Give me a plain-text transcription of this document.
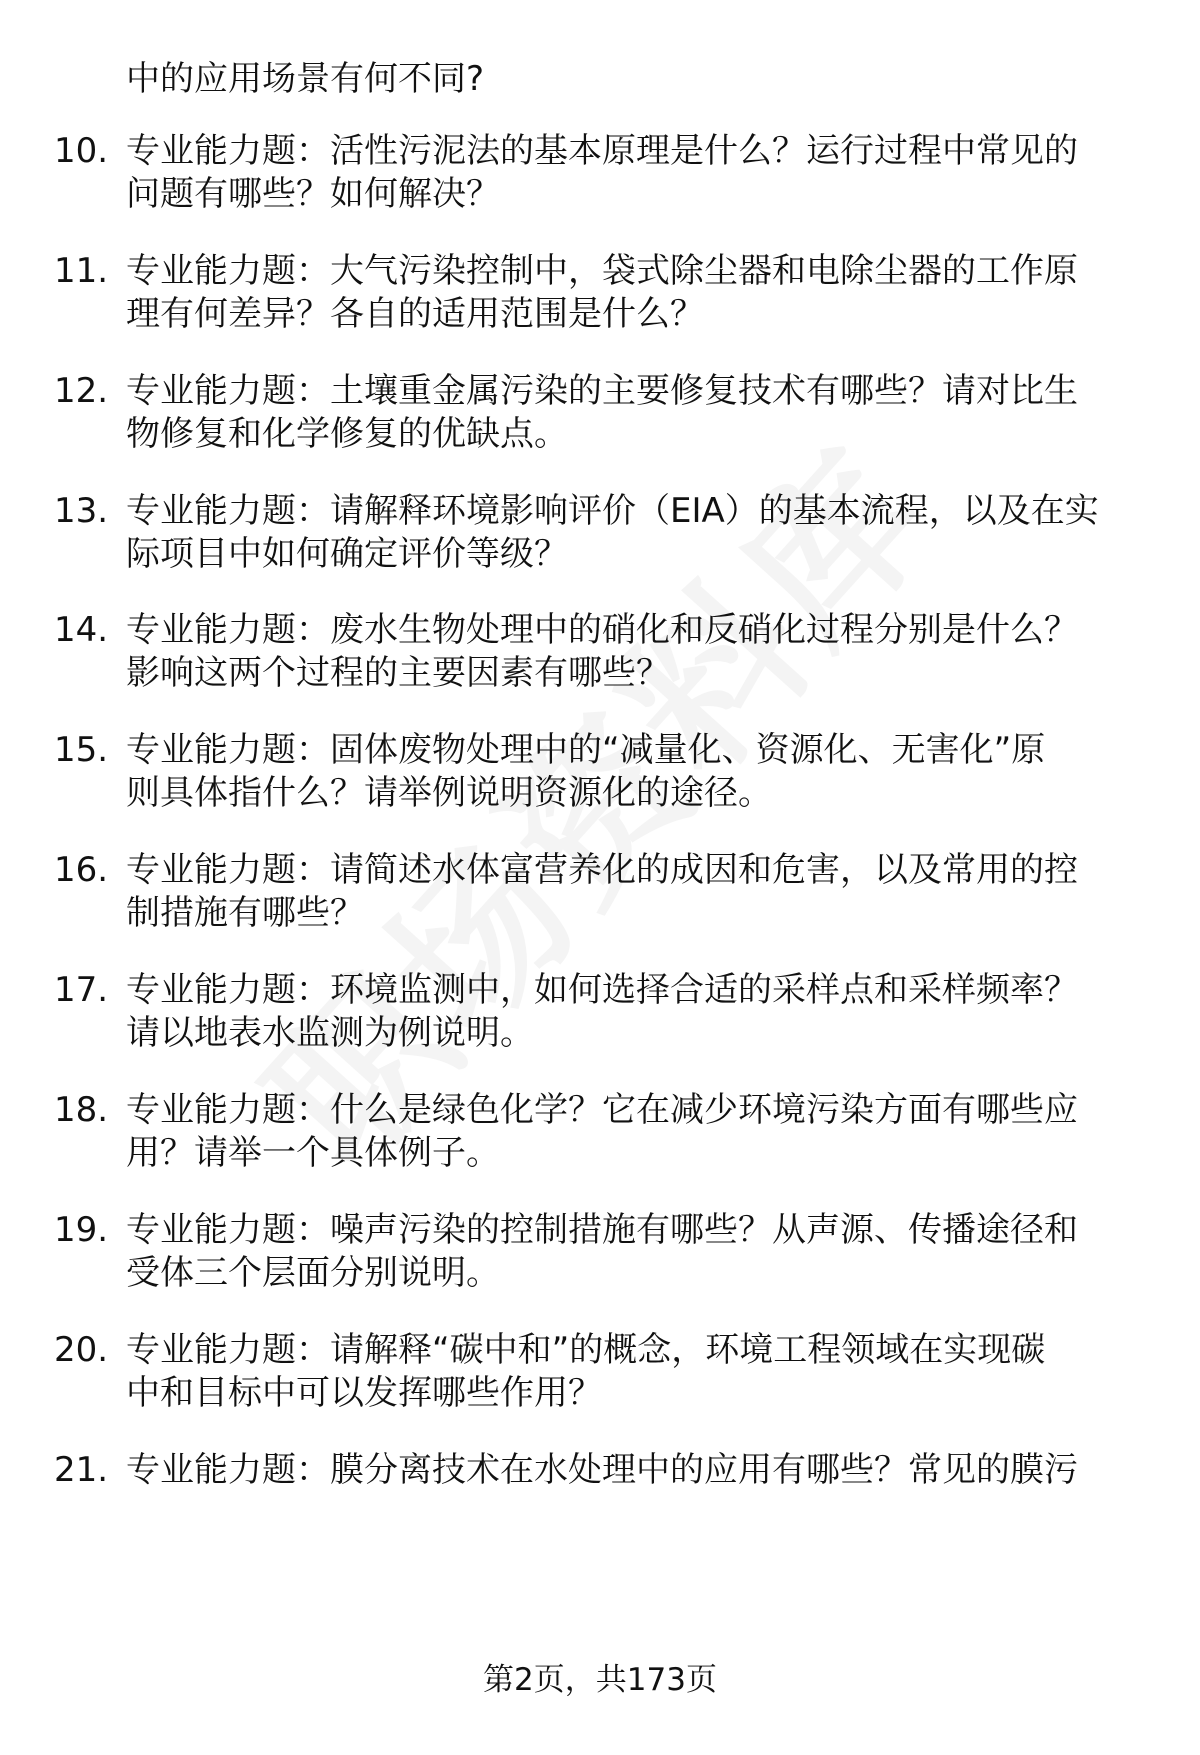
中的应用场景有何不同?
10. 专业能力题：活性污泥法的基本原理是什么？运行过程中常见的
问题有哪些？如何解决？
11. 专业能力题：大气污染控制中，袋式除尘器和电除尘器的工作原
理有何差异？各自的适用范围是什么？
12. 专业能力题：土壤重金属污染的主要修复技术有哪些？请对比生
物修复和化学修复的优缺点。
13. 专业能力题：请解释环境影响评价（EIA）的基本流程，以及在实
际项目中如何确定评价等级？
14. 专业能力题：废水生物处理中的硝化和反硝化过程分别是什么？
影响这两个过程的主要因素有哪些？
15. 专业能力题：固体废物处理中的“减量化、资源化、无害化”原
则具体指什么？请举例说明资源化的途径。
16. 专业能力题：请简述水体富营养化的成因和危害，以及常用的控
制措施有哪些？
17. 专业能力题：环境监测中，如何选择合适的采样点和采样频率？
请以地表水监测为例说明。
18. 专业能力题：什么是绿色化学？它在减少环境污染方面有哪些应
用？请举一个具体例子。
19. 专业能力题：噪声污染的控制措施有哪些？从声源、传播途径和
受体三个层面分别说明。
20. 专业能力题：请解释“碳中和”的概念，环境工程领域在实现碳
中和目标中可以发挥哪些作用？
21. 专业能力题：膜分离技术在水处理中的应用有哪些？常见的膜污
第2页，共173页
